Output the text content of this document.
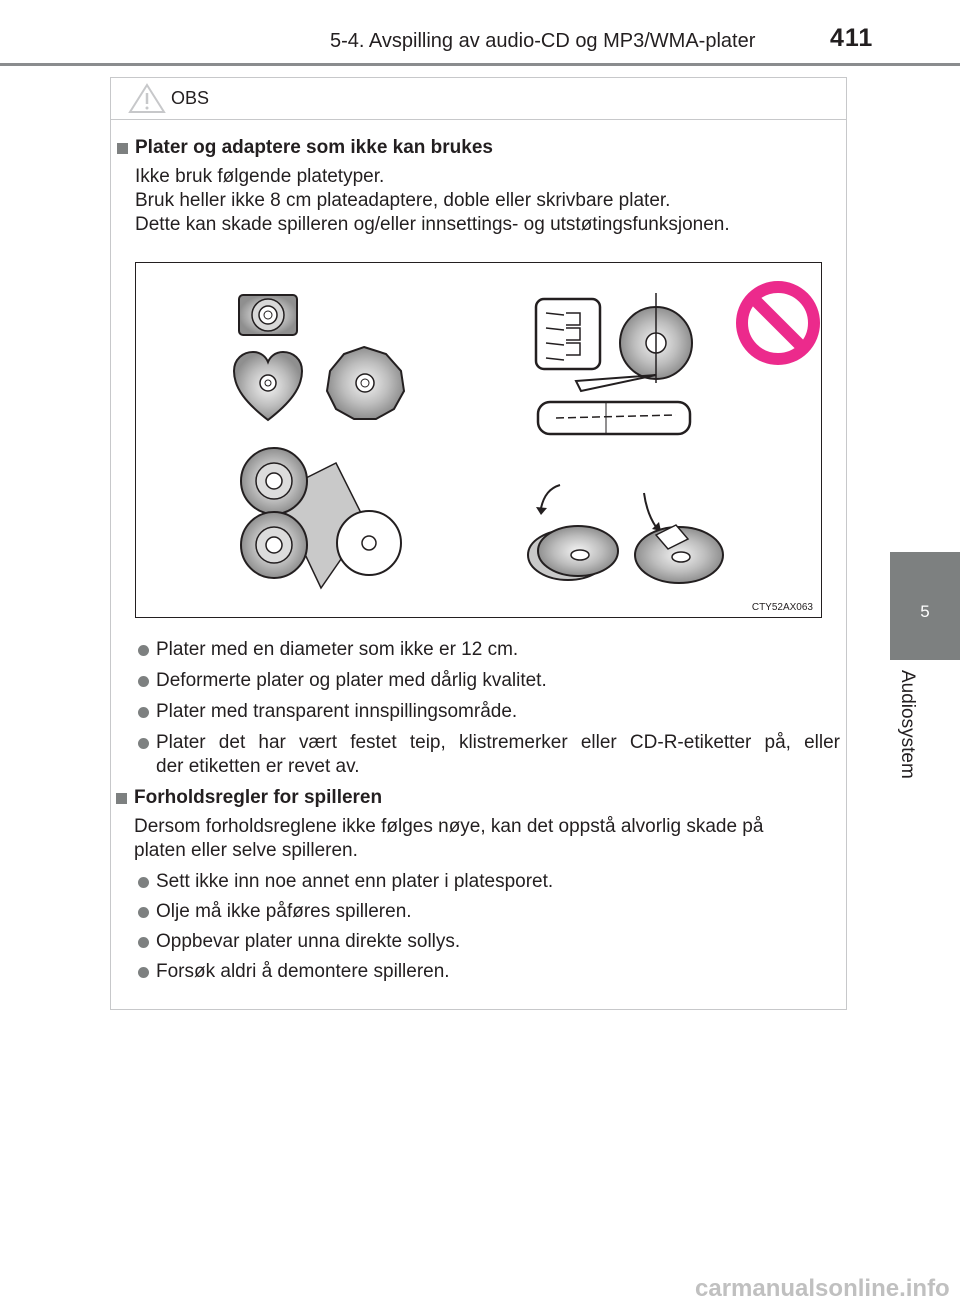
5-4. Avspilling av audio-CD og MP3/WMA-plater	411
5
Audiosystem
OBS
Plater og adaptere som ikke kan brukes
Ikke bruk følgende platetyper.
Bruk heller ikke 8 cm plateadaptere, doble eller skrivbare plater.
Dette kan skade spilleren og/eller innsettings- og utstøtingsfunksjonen.
CTY52AX063
Plater med en diameter som ikke er 12 cm.
Deformerte plater og plater med dårlig kvalitet.
Plater med transparent innspillingsområde.
Plater det har vært festet teip, klistremerker eller CD-R-etiketter på, eller
der etiketten er revet av.
Forholdsregler for spilleren
Dersom forholdsreglene ikke følges nøye, kan det oppstå alvorlig skade på
platen eller selve spilleren.
Sett ikke inn noe annet enn plater i platesporet.
Olje må ikke påføres spilleren.
Oppbevar plater unna direkte sollys.
Forsøk aldri å demontere spilleren.
carmanualsonline.info
